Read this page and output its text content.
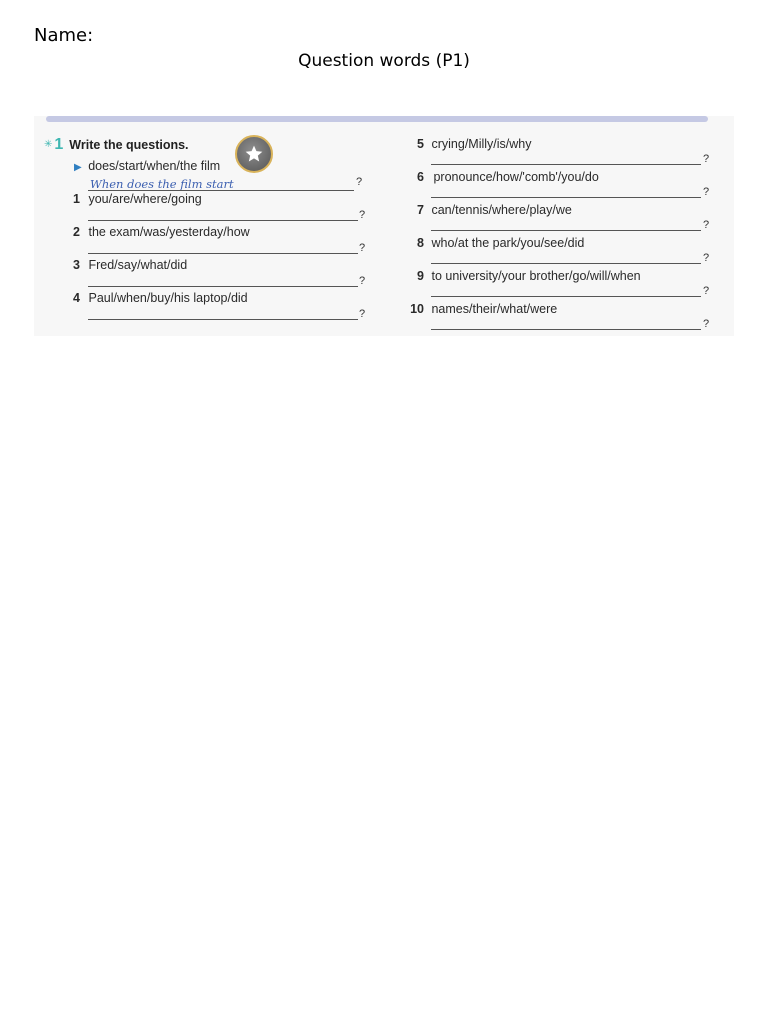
Name:
Question words (P1)
✳ 1 Write the questions.
▶ does/start/when/the film
When does the film start	?
1 you/are/where/going
?
2 the exam/was/yesterday/how
?
3 Fred/say/what/did
?
4 Paul/when/buy/his laptop/did
?
5 crying/Milly/is/why
?
6 pronounce/how/'comb'/you/do
?
7 can/tennis/where/play/we
?
8 who/at the park/you/see/did
?
9 to university/your brother/go/will/when
?
10 names/their/what/were
?
